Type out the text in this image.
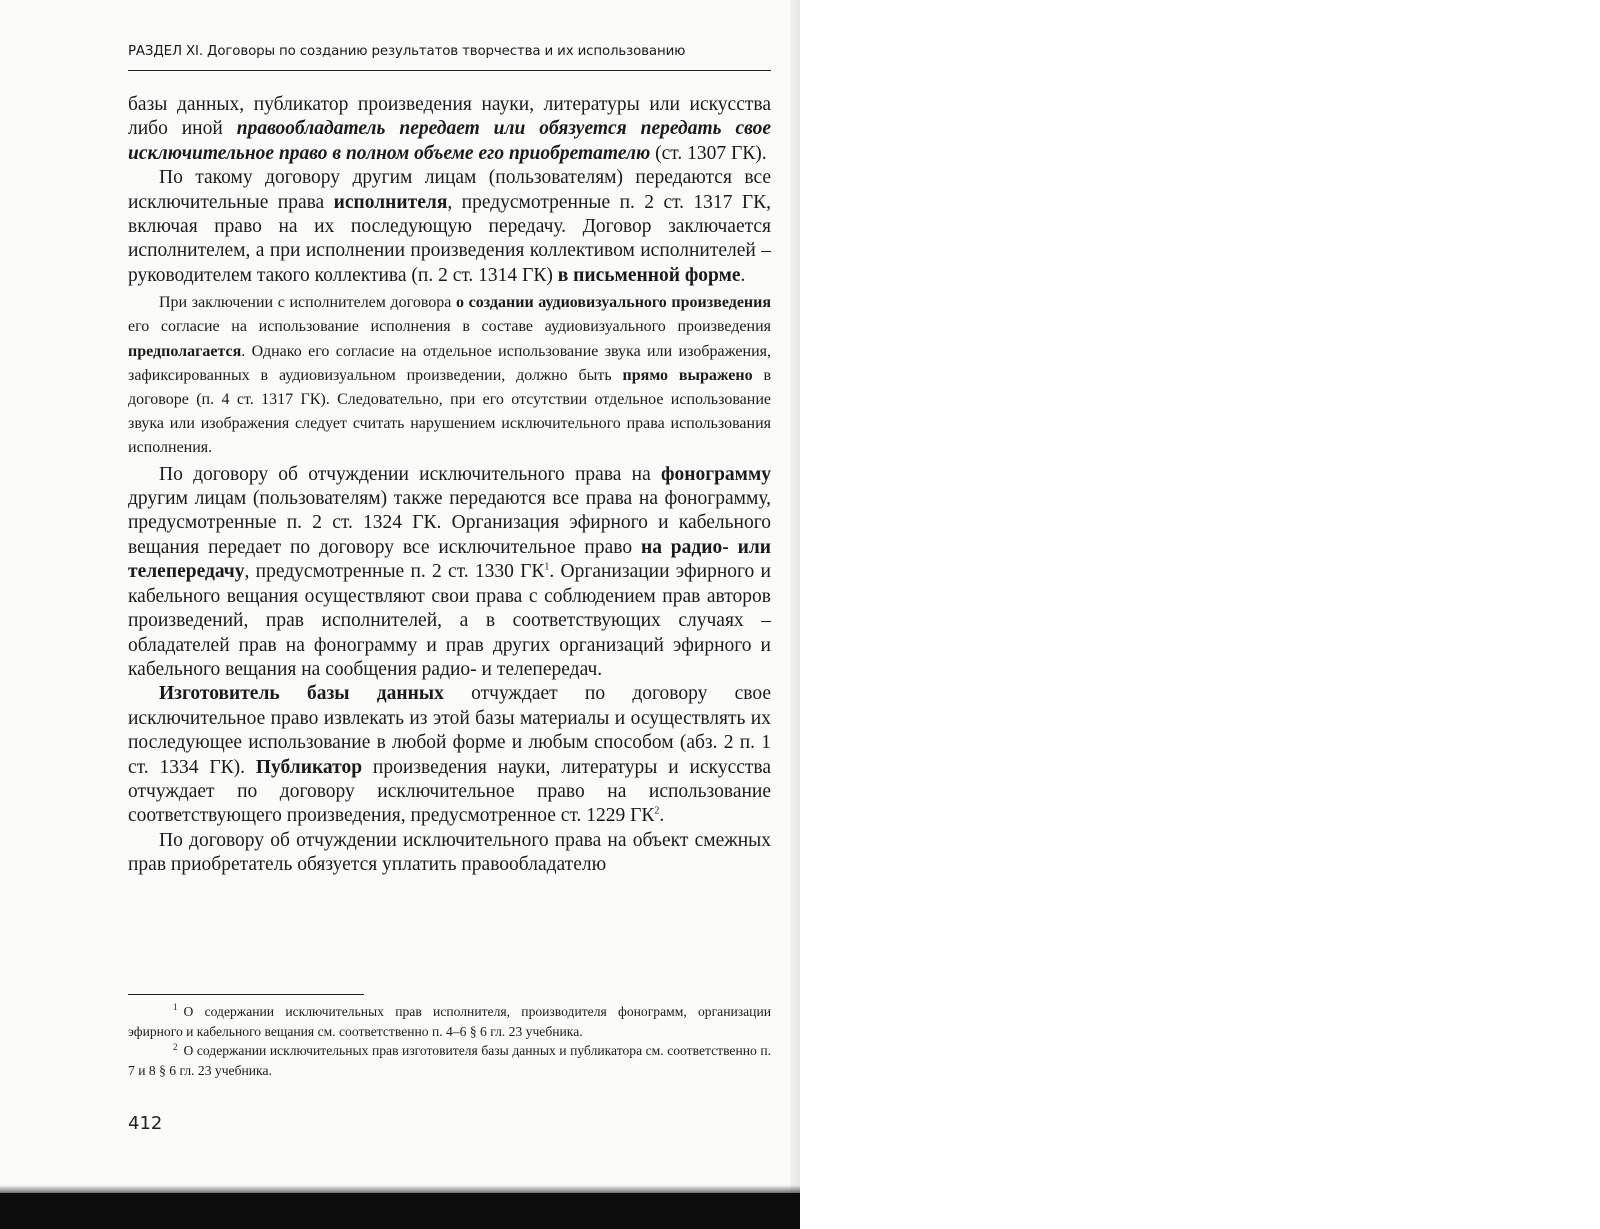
РАЗДЕЛ XI. Договоры по созданию результатов творчества и их использованию

базы данных, публикатор произведения науки, литературы или искусства либо иной правообладатель передает или обязуется передать свое исключительное право в полном объеме его приобретателю (ст. 1307 ГК).

По такому договору другим лицам (пользователям) передаются все исключительные права исполнителя, предусмотренные п. 2 ст. 1317 ГК, включая право на их последующую передачу. Договор заключается исполнителем, а при исполнении произведения коллективом исполнителей – руководителем такого коллектива (п. 2 ст. 1314 ГК) в письменной форме.

При заключении с исполнителем договора о создании аудиовизуального произведения его согласие на использование исполнения в составе аудиовизуального произведения предполагается. Однако его согласие на отдельное использование звука или изображения, зафиксированных в аудиовизуальном произведении, должно быть прямо выражено в договоре (п. 4 ст. 1317 ГК). Следовательно, при его отсутствии отдельное использование звука или изображения следует считать нарушением исключительного права использования исполнения.

По договору об отчуждении исключительного права на фонограмму другим лицам (пользователям) также передаются все права на фонограмму, предусмотренные п. 2 ст. 1324 ГК. Организация эфирного и кабельного вещания передает по договору все исключительное право на радио- или телепередачу, предусмотренные п. 2 ст. 1330 $ГК^1$. Организации эфирного и кабельного вещания осуществляют свои права с соблюдением прав авторов произведений, прав исполнителей, а в соответствующих случаях – обладателей прав на фонограмму и прав других организаций эфирного и кабельного вещания на сообщения радио- и телепередач.

Изготовитель базы данных отчуждает по договору свое исключительное право извлекать из этой базы материалы и осуществлять их последующее использование в любой форме и любым способом (абз. 2 п. 1 ст. 1334 ГК). Публикатор произведения науки, литературы и искусства отчуждает по договору исключительное право на использование соответствующего произведения, предусмотренное ст. 1229 $ГК^2$.

По договору об отчуждении исключительного права на объект смежных прав приобретатель обязуется уплатить правообладателю

$^1$ О содержании исключительных прав исполнителя, производителя фонограмм, организации эфирного и кабельного вещания см. соответственно п. 4–6 § 6 гл. 23 учебника.

$^2$ О содержании исключительных прав изготовителя базы данных и публикатора см. соответственно п. 7 и 8 § 6 гл. 23 учебника.

412
